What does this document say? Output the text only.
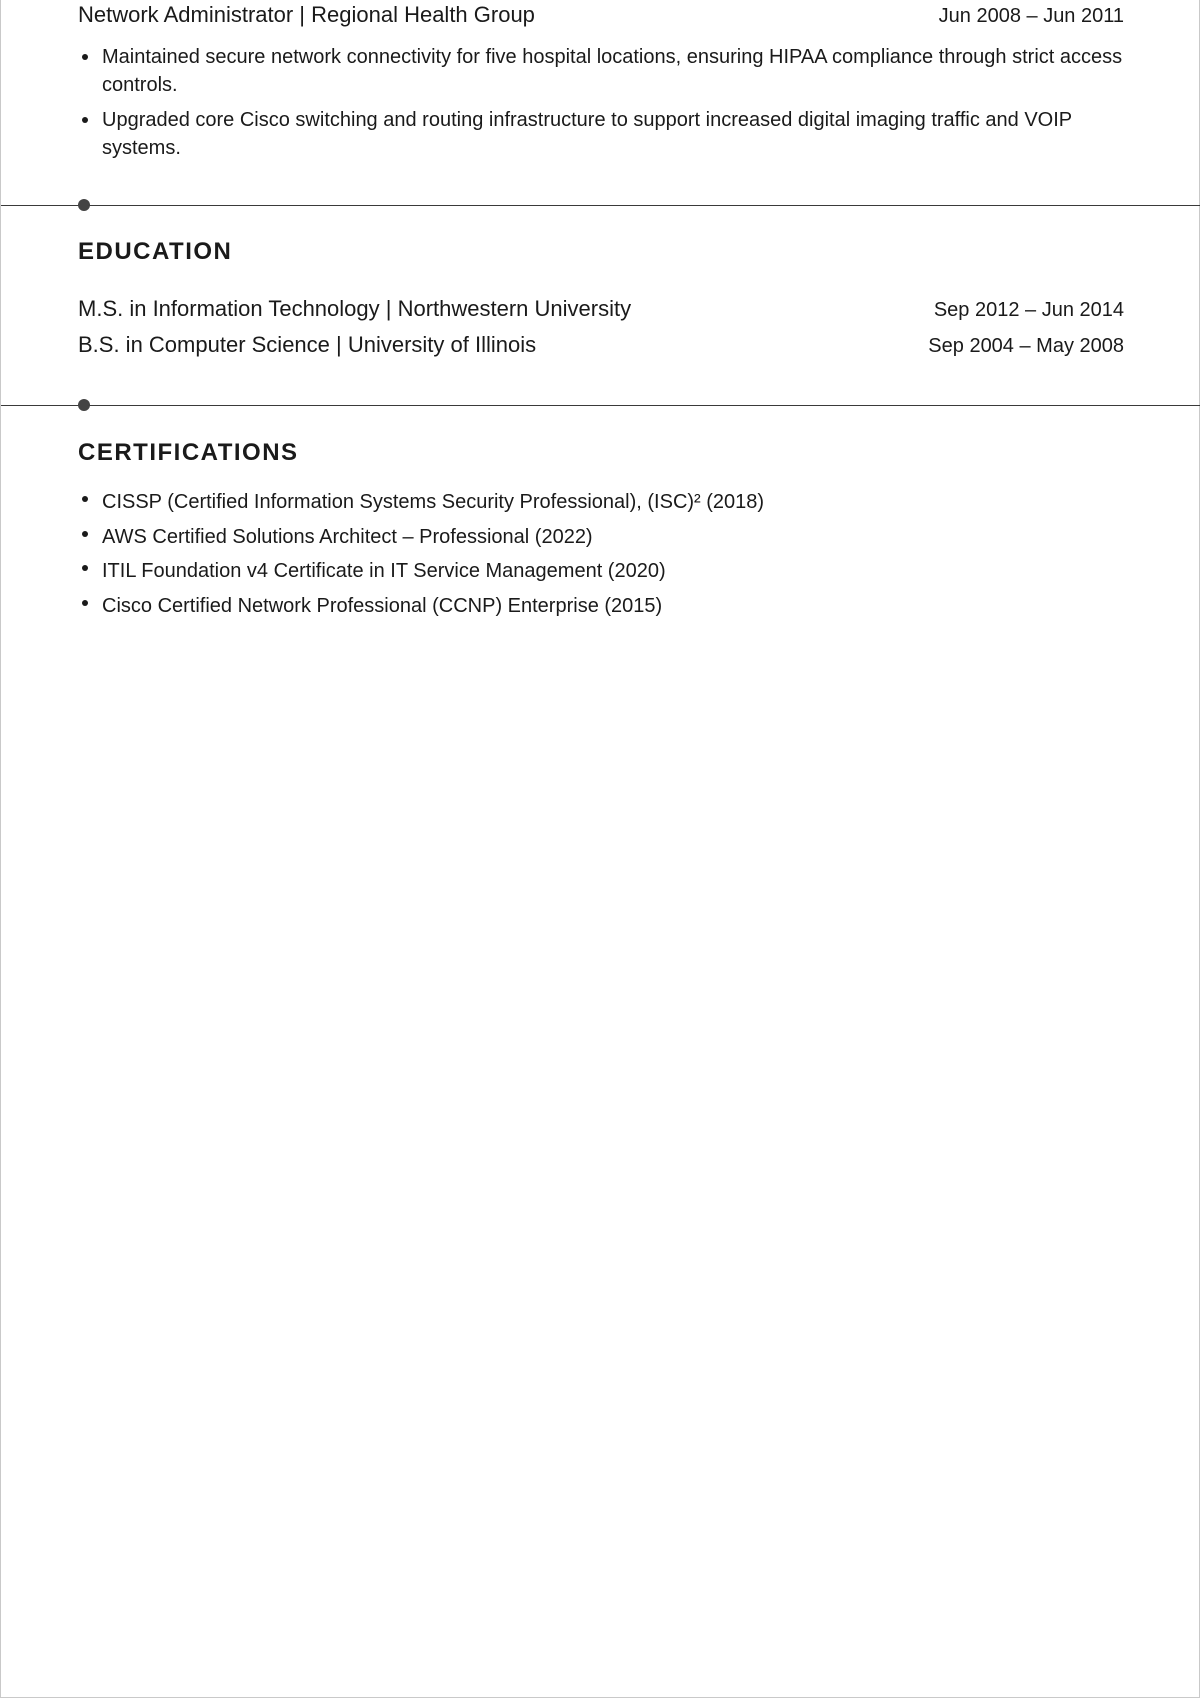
Network Administrator | Regional Health Group	Jun 2008 – Jun 2011
Maintained secure network connectivity for five hospital locations, ensuring HIPAA compliance through strict access controls.
Upgraded core Cisco switching and routing infrastructure to support increased digital imaging traffic and VOIP systems.
EDUCATION
M.S. in Information Technology | Northwestern University	Sep 2012 – Jun 2014
B.S. in Computer Science | University of Illinois	Sep 2004 – May 2008
CERTIFICATIONS
CISSP (Certified Information Systems Security Professional), (ISC)² (2018)
AWS Certified Solutions Architect – Professional (2022)
ITIL Foundation v4 Certificate in IT Service Management (2020)
Cisco Certified Network Professional (CCNP) Enterprise (2015)
